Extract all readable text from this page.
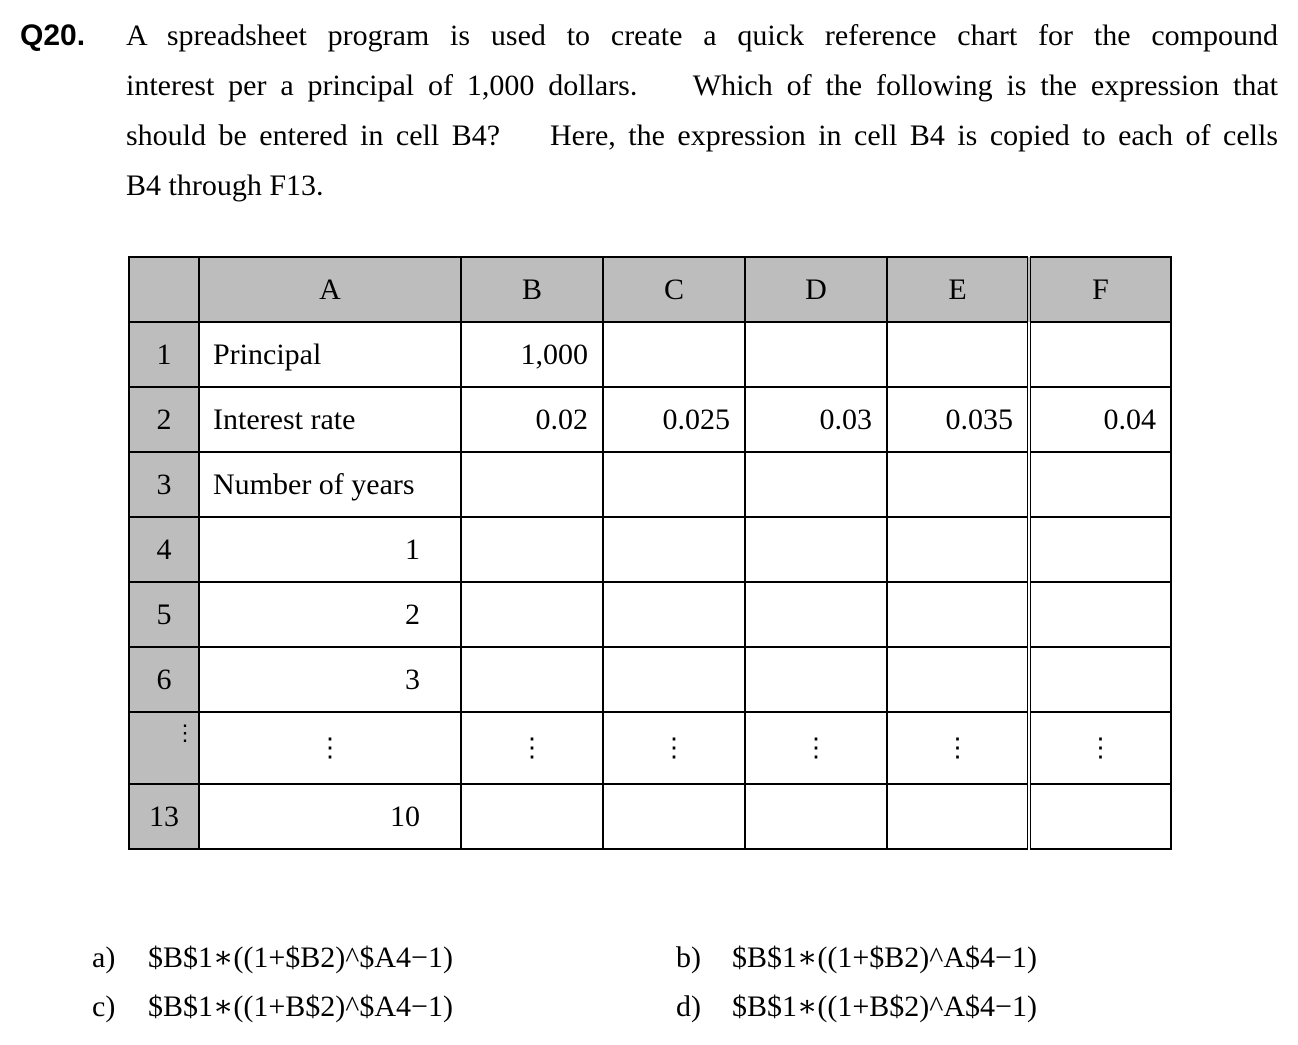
Q20. A spreadsheet program is used to create a quick reference chart for the compound
interest per a principal of 1,000 dollars.    Which of the following is the expression that
should be entered in cell B4?    Here, the expression in cell B4 is copied to each of cells
B4 through F13.
	A	B	C	D	E	F
1	Principal	1,000				
2	Interest rate	0.02	0.025	0.03	0.035	0.04
3	Number of years					
4	1					
5	2					
6	3					

⋮	⋮	⋮	⋮	⋮	⋮	⋮
13	10					
a) $B$1∗((1+$B2)^$A4−1)	b) $B$1∗((1+$B2)^A$4−1)
c) $B$1∗((1+B$2)^$A4−1)	d) $B$1∗((1+B$2)^A$4−1)
